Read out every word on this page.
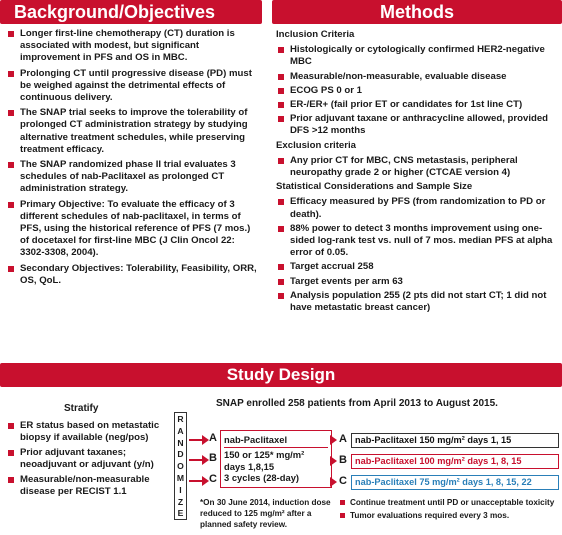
Background/Objectives	Methods
Study Design
Longer first-line chemotherapy (CT) duration is associated with modest, but significant improvement in PFS and OS in MBC.
Prolonging CT until progressive disease (PD) must be weighed against the detrimental effects of continuous delivery.
The SNAP trial seeks to improve the tolerability of prolonged CT administration strategy by studying alternative treatment schedules, while preserving treatment efficacy.
The SNAP randomized phase II trial evaluates 3 schedules of nab-Paclitaxel as prolonged CT administration strategy.
Primary Objective: To evaluate the efficacy of 3 different schedules of nab-paclitaxel, in terms of PFS, using the historical reference of PFS (7 mos.) of docetaxel for first-line MBC (J Clin Oncol 22: 3302-3308, 2004).
Secondary Objectives: Tolerability, Feasibility, ORR, OS, QoL.
Inclusion Criteria
Histologically or cytologically confirmed HER2-negative MBC
Measurable/non-measurable, evaluable disease
ECOG PS 0 or 1
ER-/ER+ (fail prior ET or candidates for 1st line CT)
Prior adjuvant taxane or anthracycline allowed, provided DFS >12 months
Exclusion criteria
Any prior CT for MBC, CNS metastasis, peripheral neuropathy grade 2 or higher (CTCAE version 4)
Statistical Considerations and Sample Size
Efficacy measured by PFS (from randomization to PD or death).
88% power to detect 3 months improvement using one-sided log-rank test vs. null of 7 mos. median PFS at alpha error of 0.05.
Target accrual 258
Target events per arm 63
Analysis population 255 (2 pts did not start CT; 1 did not have metastatic breast cancer)
Stratify
ER status based on metastatic biopsy if available (neg/pos)
Prior adjuvant taxanes; neoadjuvant or adjuvant (y/n)
Measurable/non-measurable disease per RECIST 1.1
R
A
N
D
O
M
I
Z
E
SNAP enrolled 258 patients from April 2013 to August 2015.
A
B
C
nab-Paclitaxel
150 or 125* mg/m²
days 1,8,15
3 cycles (28-day)
A
B
C
nab-Paclitaxel 150 mg/m² days 1, 15
nab-Paclitaxel 100 mg/m² days 1, 8, 15
nab-Paclitaxel 75 mg/m² days 1, 8, 15, 22
*On 30 June 2014, induction dose reduced to 125 mg/m² after a planned safety review.
Continue treatment until PD or unacceptable toxicity
Tumor evaluations required every 3 mos.
